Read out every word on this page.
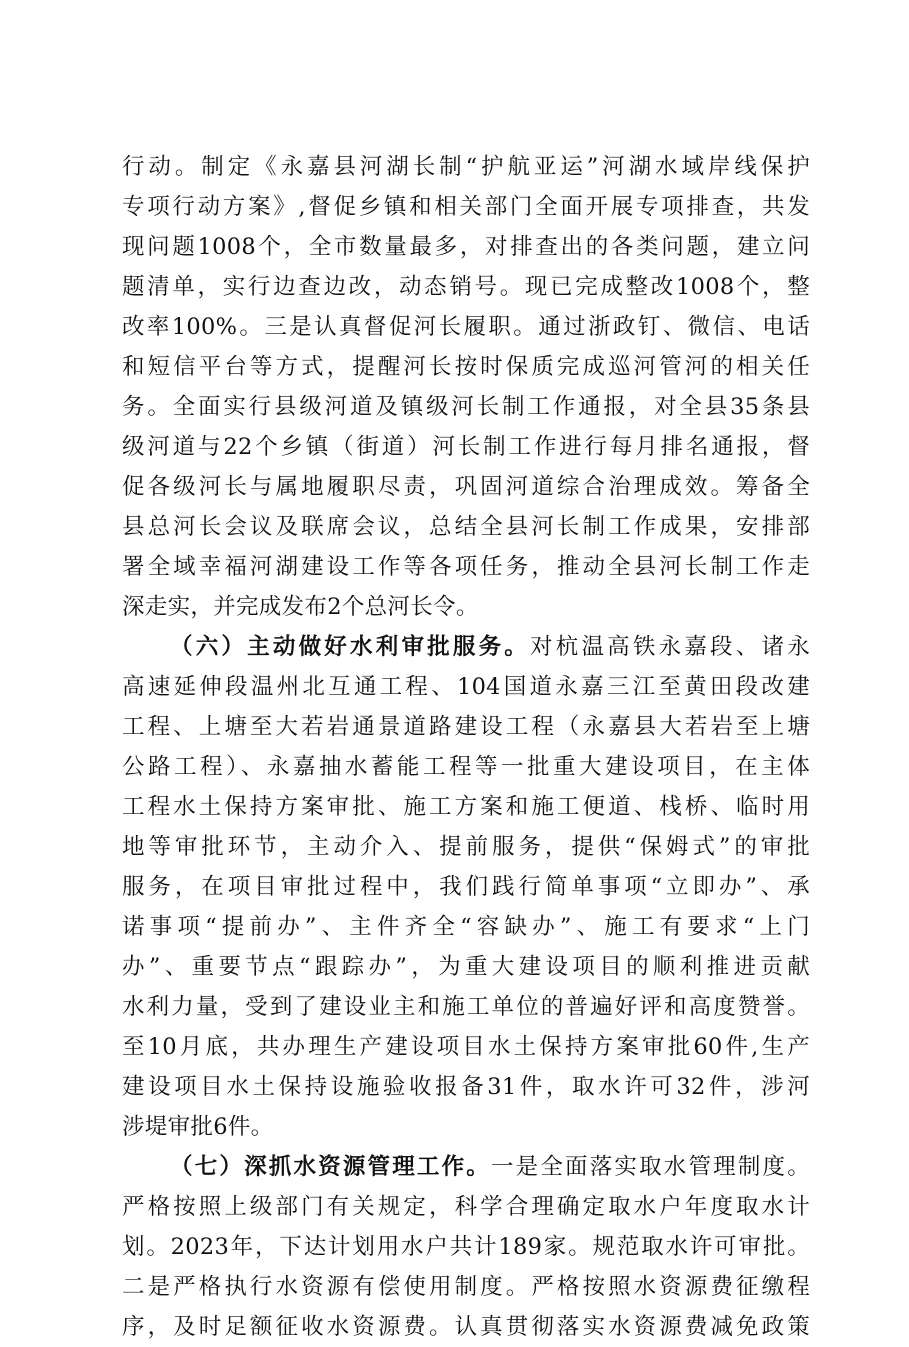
行动。制定《永嘉县河湖长制“护航亚运”河湖水域岸线保护
专项行动方案》,督促乡镇和相关部门全面开展专项排查，共发
现问题1008个，全市数量最多，对排查出的各类问题，建立问
题清单，实行边查边改，动态销号。现已完成整改1008个，整
改率100%。三是认真督促河长履职。通过浙政钉、微信、电话
和短信平台等方式，提醒河长按时保质完成巡河管河的相关任
务。全面实行县级河道及镇级河长制工作通报，对全县35条县
级河道与22个乡镇（街道）河长制工作进行每月排名通报，督
促各级河长与属地履职尽责，巩固河道综合治理成效。筹备全
县总河长会议及联席会议，总结全县河长制工作成果，安排部
署全域幸福河湖建设工作等各项任务，推动全县河长制工作走
深走实，并完成发布2个总河长令。
（六）主动做好水利审批服务。对杭温高铁永嘉段、诸永
高速延伸段温州北互通工程、104国道永嘉三江至黄田段改建
工程、上塘至大若岩通景道路建设工程（永嘉县大若岩至上塘
公路工程）、永嘉抽水蓄能工程等一批重大建设项目，在主体
工程水土保持方案审批、施工方案和施工便道、栈桥、临时用
地等审批环节，主动介入、提前服务，提供“保姆式”的审批
服务，在项目审批过程中，我们践行简单事项“立即办”、承
诺事项“提前办”、主件齐全“容缺办”、施工有要求“上门
办”、重要节点“跟踪办”，为重大建设项目的顺利推进贡献
水利力量，受到了建设业主和施工单位的普遍好评和高度赞誉。
至10月底，共办理生产建设项目水土保持方案审批60件,生产
建设项目水土保持设施验收报备31件，取水许可32件，涉河
涉堤审批6件。
（七）深抓水资源管理工作。一是全面落实取水管理制度。
严格按照上级部门有关规定，科学合理确定取水户年度取水计
划。2023年，下达计划用水户共计189家。规范取水许可审批。
二是严格执行水资源有偿使用制度。严格按照水资源费征缴程
序，及时足额征收水资源费。认真贯彻落实水资源费减免政策
